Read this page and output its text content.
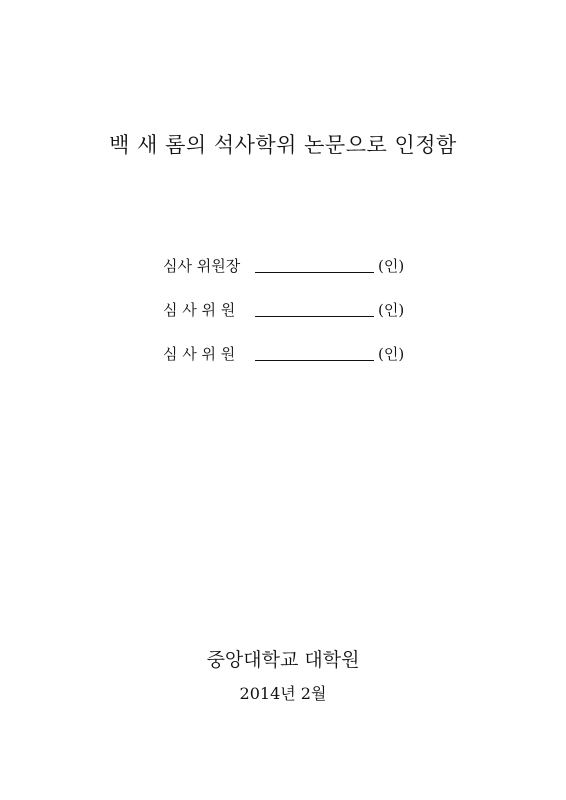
백 새 롬의 석사학위 논문으로 인정함
심사 위원장	(인)
심 사 위 원	(인)
심 사 위 원	(인)
중앙대학교 대학원
2014년 2월
